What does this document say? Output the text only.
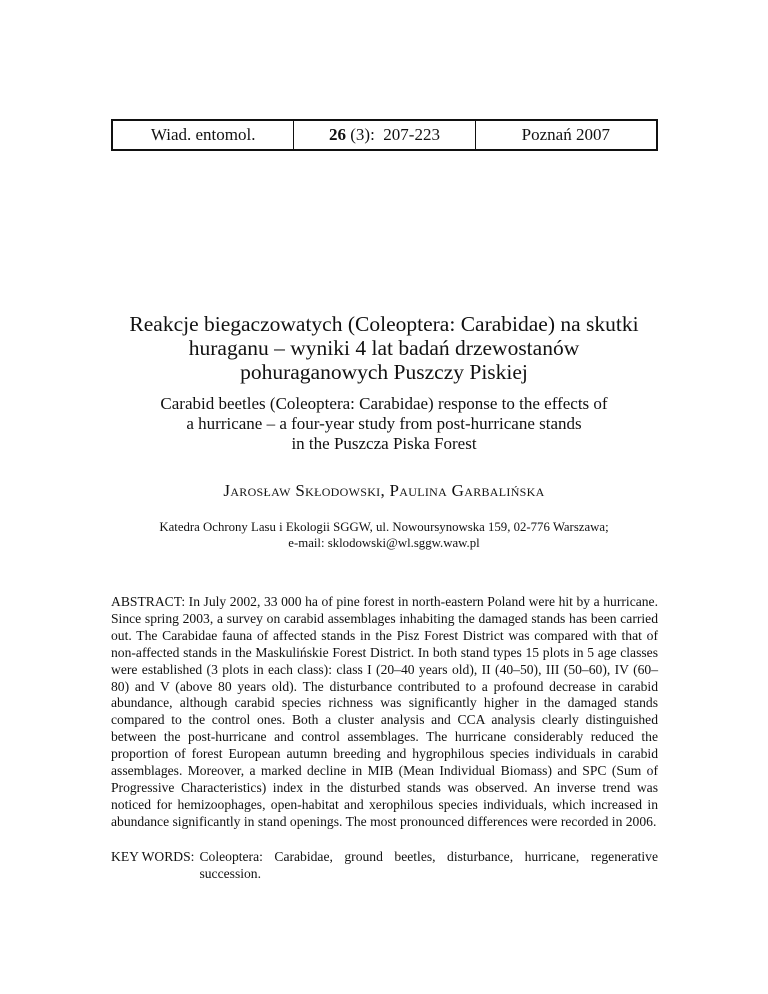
Wiad. entomol.	26 (3):  207-223	Poznań 2007
Reakcje biegaczowatych (Coleoptera: Carabidae) na skutki
huraganu – wyniki 4 lat badań drzewostanów
pohuraganowych Puszczy Piskiej
Carabid beetles (Coleoptera: Carabidae) response to the effects of
a hurricane – a four-year study from post-hurricane stands
in the Puszcza Piska Forest
Jarosław Skłodowski, Paulina Garbalińska
Katedra Ochrony Lasu i Ekologii SGGW, ul. Nowoursynowska 159, 02-776 Warszawa;
e-mail: sklodowski@wl.sggw.waw.pl
ABSTRACT: In July 2002, 33 000 ha of pine forest in north-eastern Poland were hit by a hurricane. Since spring 2003, a survey on carabid assemblages inhabiting the damaged stands has been carried out. The Carabidae fauna of affected stands in the Pisz Forest District was compared with that of non-affected stands in the Maskulińskie Forest District. In both stand types 15 plots in 5 age classes were established (3 plots in each class): class I (20–40 years old), II (40–50), III (50–60), IV (60–80) and V (above 80 years old). The disturbance contributed to a profound decrease in carabid abundance, although carabid species richness was significantly higher in the damaged stands compared to the control ones. Both a cluster analysis and CCA analysis clearly distinguished between the post-hurricane and control assemblages. The hurricane considerably reduced the proportion of forest European autumn breeding and hygrophilous species individuals in carabid assemblages. Moreover, a marked decline in MIB (Mean Individual Biomass) and SPC (Sum of Progressive Characteristics) index in the disturbed stands was observed. An inverse trend was noticed for hemizoophages, open-habitat and xerophilous species individuals, which increased in abundance significantly in stand openings. The most pronounced differences were recorded in 2006.
KEY WORDS: Coleoptera: Carabidae, ground beetles, disturbance, hurricane, regenerative succession.
